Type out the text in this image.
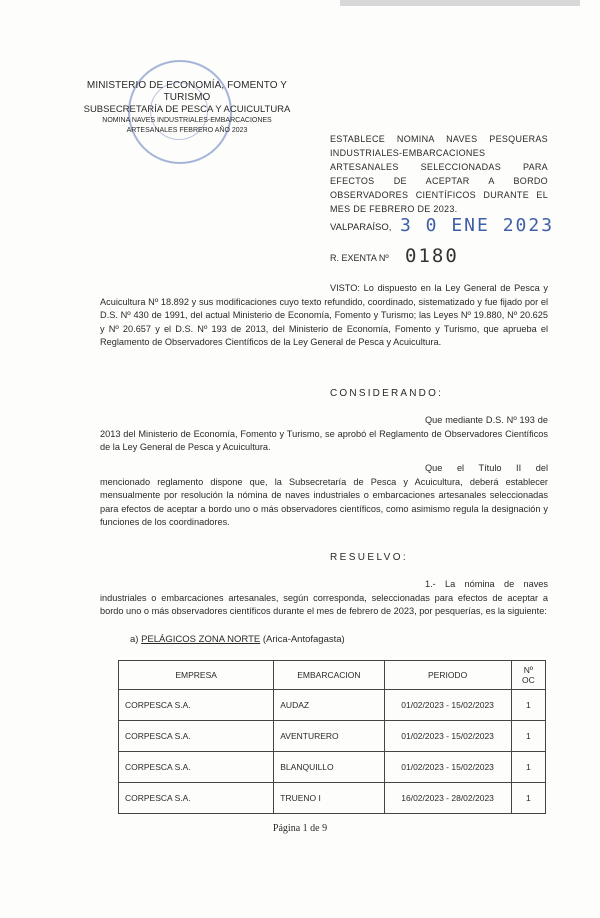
MINISTERIO DE ECONOMÍA, FOMENTO Y TURISMO
SUBSECRETARÍA DE PESCA Y ACUICULTURA
NOMINA NAVES INDUSTRIALES-EMBARCACIONES
ARTESANALES FEBRERO AÑO 2023
ESTABLECE NOMINA NAVES PESQUERAS INDUSTRIALES-EMBARCACIONES ARTESANALES SELECCIONADAS PARA EFECTOS DE ACEPTAR A BORDO OBSERVADORES CIENTÍFICOS DURANTE EL MES DE FEBRERO DE 2023.
VALPARAÍSO, 3 0 ENE 2023
R. EXENTA Nº 0180
VISTO: Lo dispuesto en la Ley General de Pesca y Acuicultura Nº 18.892 y sus modificaciones cuyo texto refundido, coordinado, sistematizado y fue fijado por el D.S. Nº 430 de 1991, del actual Ministerio de Economía, Fomento y Turismo; las Leyes Nº 19.880, Nº 20.625 y Nº 20.657 y el D.S. Nº 193 de 2013, del Ministerio de Economía, Fomento y Turismo, que aprueba el Reglamento de Observadores Científicos de la Ley General de Pesca y Acuicultura.
CONSIDERANDO:
Que mediante D.S. Nº 193 de 2013 del Ministerio de Economía, Fomento y Turismo, se aprobó el Reglamento de Observadores Científicos de la Ley General de Pesca y Acuicultura.
Que el Título II del mencionado reglamento dispone que, la Subsecretaría de Pesca y Acuicultura, deberá establecer mensualmente por resolución la nómina de naves industriales o embarcaciones artesanales seleccionadas para efectos de aceptar a bordo uno o más observadores científicos, como asimismo regula la designación y funciones de los coordinadores.
RESUELVO:
1.- La nómina de naves industriales o embarcaciones artesanales, según corresponda, seleccionadas para efectos de aceptar a bordo uno o más observadores científicos durante el mes de febrero de 2023, por pesquerías, es la siguiente:
a) PELÁGICOS ZONA NORTE (Arica-Antofagasta)
EMPRESA	EMBARCACION	PERIODO	Nº OC
CORPESCA S.A.	AUDAZ	01/02/2023 - 15/02/2023	1
CORPESCA S.A.	AVENTURERO	01/02/2023 - 15/02/2023	1
CORPESCA S.A.	BLANQUILLO	01/02/2023 - 15/02/2023	1
CORPESCA S.A.	TRUENO I	16/02/2023 - 28/02/2023	1
Página 1 de 9
